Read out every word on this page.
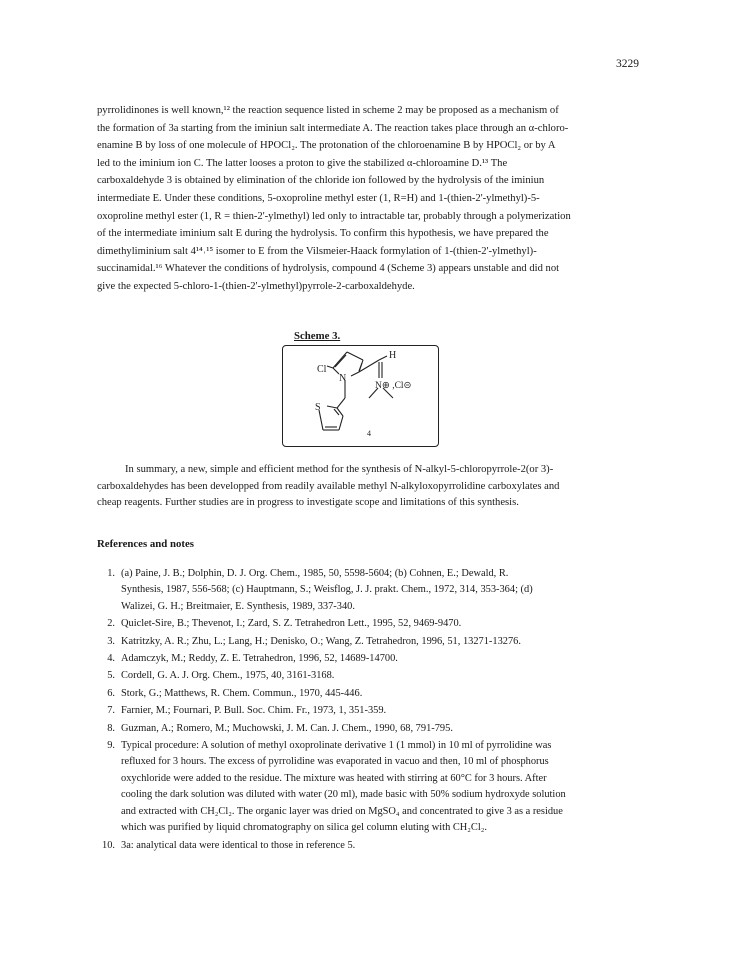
3229
pyrrolidinones is well known,¹² the reaction sequence listed in scheme 2 may be proposed as a mechanism of
the formation of 3a starting from the iminiun salt intermediate A. The reaction takes place through an α-chloro-
enamine B by loss of one molecule of HPOCl₂. The protonation of the chloroenamine B by HPOCl₂ or by A
led to the iminium ion C. The latter looses a proton to give the stabilized α-chloroamine D.¹³ The
carboxaldehyde 3 is obtained by elimination of the chloride ion followed by the hydrolysis of the iminiun
intermediate E. Under these conditions, 5-oxoproline methyl ester (1, R=H) and 1-(thien-2'-ylmethyl)-5-
oxoproline methyl ester (1, R = thien-2'-ylmethyl) led only to intractable tar, probably through a polymerization
of the intermediate iminium salt E during the hydrolysis. To confirm this hypothesis, we have prepared the
dimethyliminium salt 4¹⁴˒¹⁵ isomer to E from the Vilsmeier-Haack formylation of 1-(thien-2'-ylmethyl)-
succinamidal.¹⁶ Whatever the conditions of hydrolysis, compound 4 (Scheme 3) appears unstable and did not
give the expected 5-chloro-1-(thien-2'-ylmethyl)pyrrole-2-carboxaldehyde.
Scheme 3.
Cl
N
H
N⊕ ,Cl⊝
S
4
In summary, a new, simple and efficient method for the synthesis of N-alkyl-5-chloropyrrole-2(or 3)-
carboxaldehydes has been developped from readily available methyl N-alkyloxopyrrolidine carboxylates and
cheap reagents. Further studies are in progress to investigate scope and limitations of this synthesis.
References and notes
1. (a) Paine, J. B.; Dolphin, D. J. Org. Chem., 1985, 50, 5598-5604; (b) Cohnen, E.; Dewald, R.
Synthesis, 1987, 556-568; (c) Hauptmann, S.; Weisflog, J. J. prakt. Chem., 1972, 314, 353-364; (d)
Walizei, G. H.; Breitmaier, E. Synthesis, 1989, 337-340.
2. Quiclet-Sire, B.; Thevenot, I.; Zard, S. Z. Tetrahedron Lett., 1995, 52, 9469-9470.
3. Katritzky, A. R.; Zhu, L.; Lang, H.; Denisko, O.; Wang, Z. Tetrahedron, 1996, 51, 13271-13276.
4. Adamczyk, M.; Reddy, Z. E. Tetrahedron, 1996, 52, 14689-14700.
5. Cordell, G. A. J. Org. Chem., 1975, 40, 3161-3168.
6. Stork, G.; Matthews, R. Chem. Commun., 1970, 445-446.
7. Farnier, M.; Fournari, P. Bull. Soc. Chim. Fr., 1973, 1, 351-359.
8. Guzman, A.; Romero, M.; Muchowski, J. M. Can. J. Chem., 1990, 68, 791-795.
9. Typical procedure: A solution of methyl oxoprolinate derivative 1 (1 mmol) in 10 ml of pyrrolidine was
refluxed for 3 hours. The excess of pyrrolidine was evaporated in vacuo and then, 10 ml of phosphorus
oxychloride were added to the residue. The mixture was heated with stirring at 60°C for 3 hours. After
cooling the dark solution was diluted with water (20 ml), made basic with 50% sodium hydroxyde solution
and extracted with CH₂Cl₂. The organic layer was dried on MgSO₄ and concentrated to give 3 as a residue
which was purified by liquid chromatography on silica gel column eluting with CH₂Cl₂.
10. 3a: analytical data were identical to those in reference 5.
